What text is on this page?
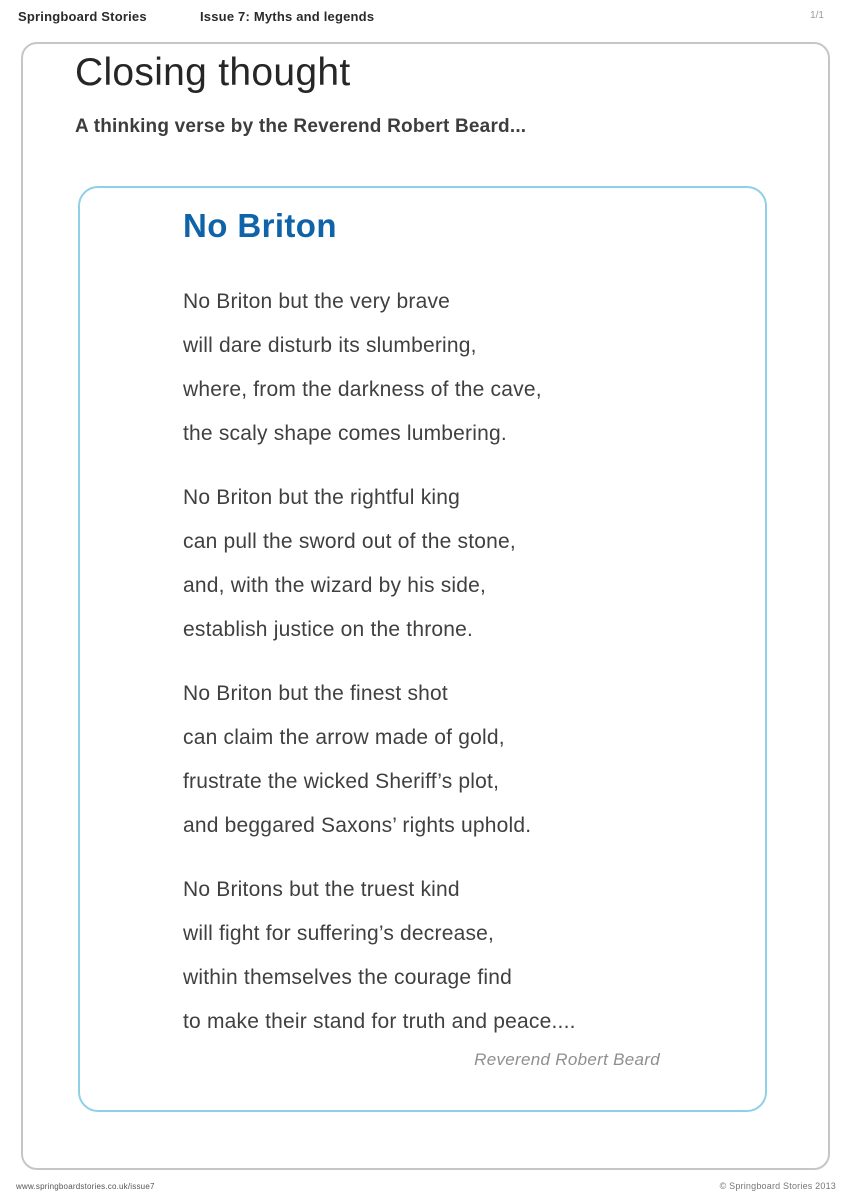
Springboard Stories	Issue 7: Myths and legends	1/1
Closing thought

A thinking verse by the Reverend Robert Beard...

No Briton
No Briton but the very brave
will dare disturb its slumbering,
where, from the darkness of the cave,
the scaly shape comes lumbering.
No Briton but the rightful king
can pull the sword out of the stone,
and, with the wizard by his side,
establish justice on the throne.
No Briton but the finest shot
can claim the arrow made of gold,
frustrate the wicked Sheriff’s plot,
and beggared Saxons’ rights uphold.
No Britons but the truest kind
will fight for suffering’s decrease,
within themselves the courage find
to make their stand for truth and peace....
Reverend Robert Beard
www.springboardstories.co.uk/issue7	© Springboard Stories 2013
